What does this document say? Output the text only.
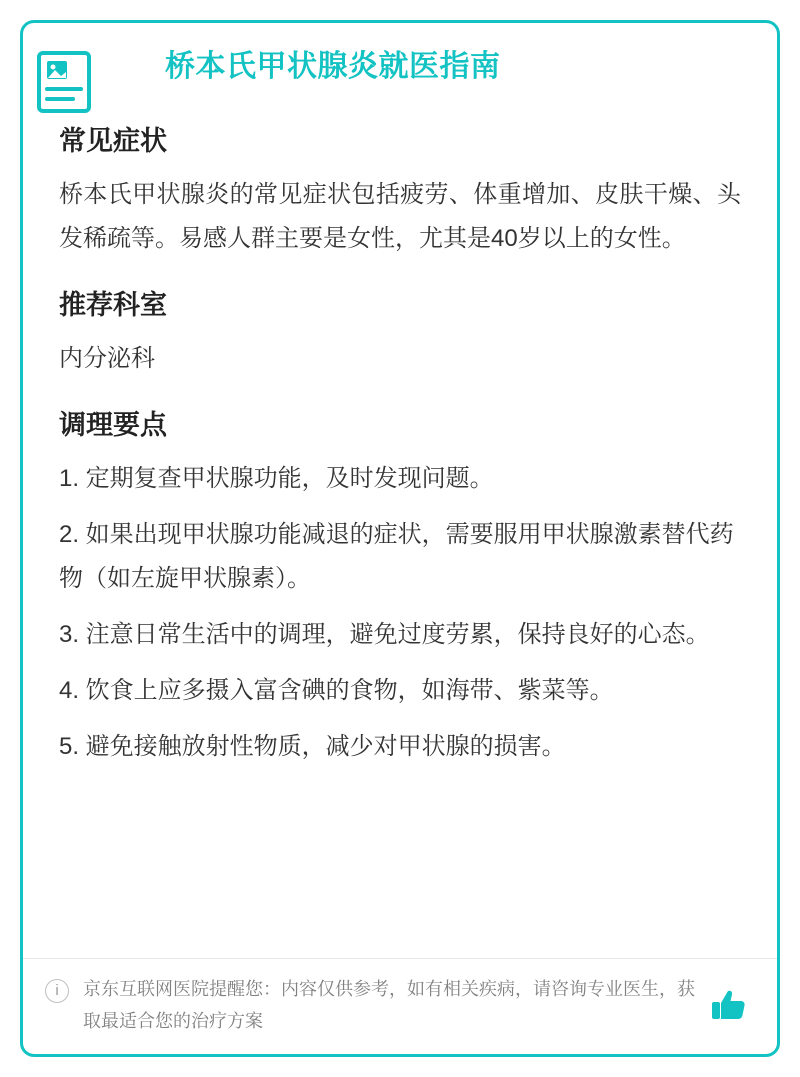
桥本氏甲状腺炎就医指南
常见症状

桥本氏甲状腺炎的常见症状包括疲劳、体重增加、皮肤干燥、头发稀疏等。易感人群主要是女性，尤其是40岁以上的女性。

推荐科室
内分泌科
调理要点
1. 定期复查甲状腺功能，及时发现问题。
2. 如果出现甲状腺功能减退的症状，需要服用甲状腺激素替代药物（如左旋甲状腺素）。
3. 注意日常生活中的调理，避免过度劳累，保持良好的心态。
4. 饮食上应多摄入富含碘的食物，如海带、紫菜等。
5. 避免接触放射性物质，减少对甲状腺的损害。
i	京东互联网医院提醒您：内容仅供参考，如有相关疾病，请咨询专业医生，获取最适合您的治疗方案
